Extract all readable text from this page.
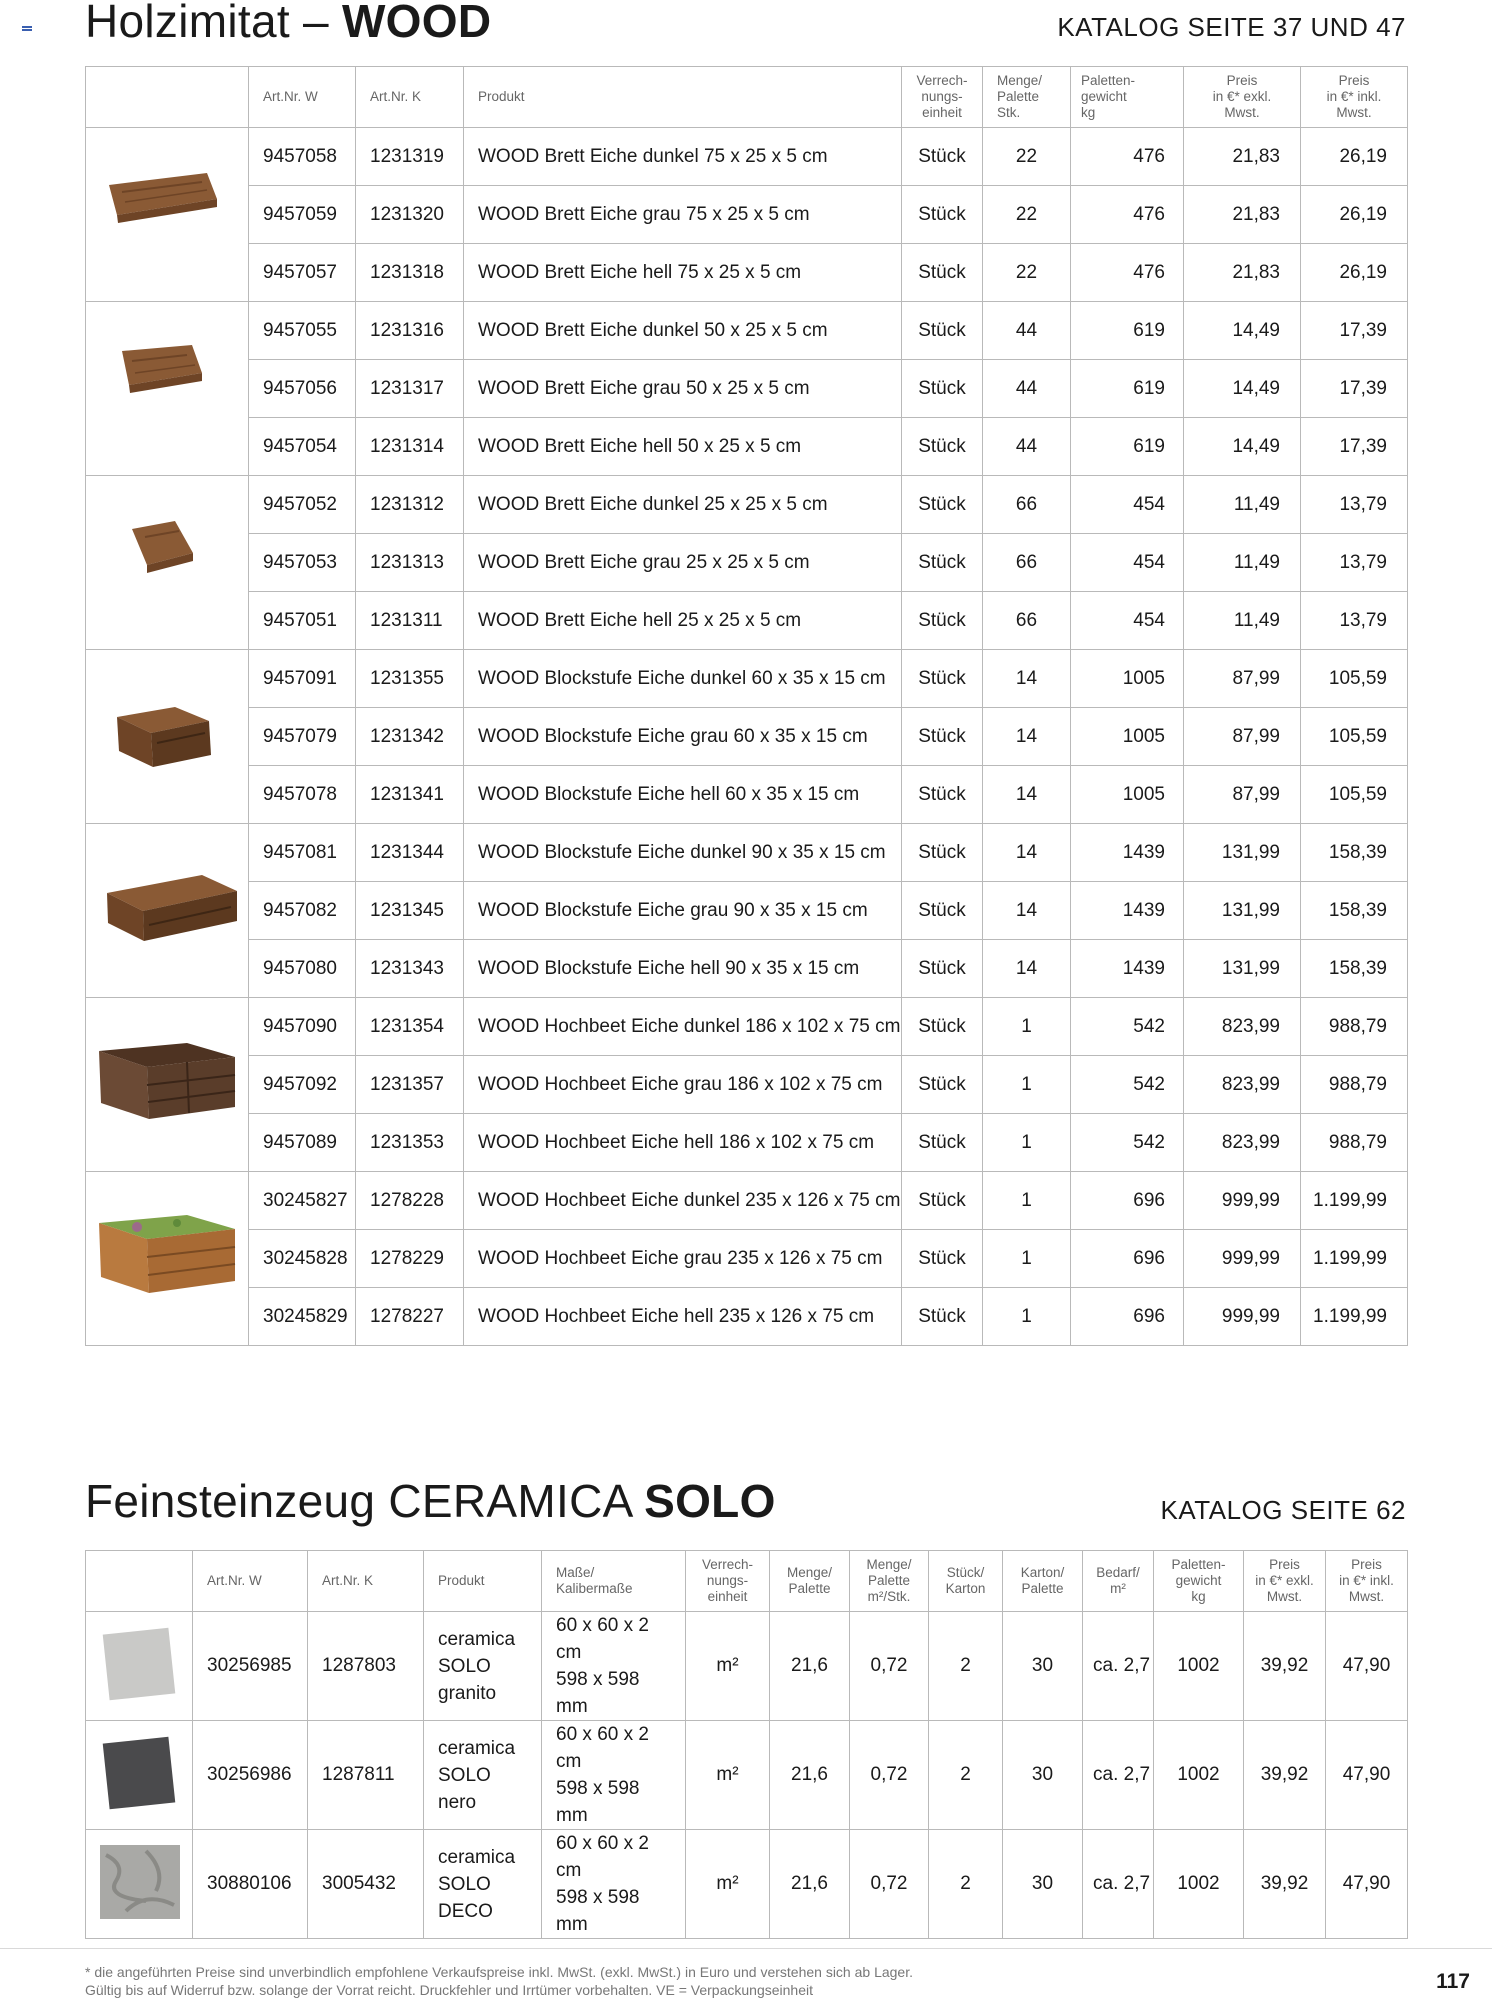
Holzimitat – WOOD	KATALOG SEITE 37 UND 47
	Art.Nr. W	Art.Nr. K	Produkt	Verrech-
nungs-
einheit	Menge/
Palette
Stk.	Paletten-
gewicht
kg	Preis
in €* exkl.
Mwst.	Preis
in €* inkl.
Mwst.
	9457058	1231319	WOOD Brett Eiche dunkel 75 x 25 x 5 cm	Stück	22	476	21,83	26,19
	9457059	1231320	WOOD Brett Eiche grau 75 x 25 x 5 cm	Stück	22	476	21,83	26,19
	9457057	1231318	WOOD Brett Eiche hell 75 x 25 x 5 cm	Stück	22	476	21,83	26,19
	9457055	1231316	WOOD Brett Eiche dunkel 50 x 25 x 5 cm	Stück	44	619	14,49	17,39
	9457056	1231317	WOOD Brett Eiche grau 50 x 25 x 5 cm	Stück	44	619	14,49	17,39
	9457054	1231314	WOOD Brett Eiche hell 50 x 25 x 5 cm	Stück	44	619	14,49	17,39
	9457052	1231312	WOOD Brett Eiche dunkel 25 x 25 x 5 cm	Stück	66	454	11,49	13,79
	9457053	1231313	WOOD Brett Eiche grau 25 x 25 x 5 cm	Stück	66	454	11,49	13,79
	9457051	1231311	WOOD Brett Eiche hell 25 x 25 x 5 cm	Stück	66	454	11,49	13,79
	9457091	1231355	WOOD Blockstufe Eiche dunkel 60 x 35 x 15 cm	Stück	14	1005	87,99	105,59
	9457079	1231342	WOOD Blockstufe Eiche grau 60 x 35 x 15 cm	Stück	14	1005	87,99	105,59
	9457078	1231341	WOOD Blockstufe Eiche hell 60 x 35 x 15 cm	Stück	14	1005	87,99	105,59
	9457081	1231344	WOOD Blockstufe Eiche dunkel 90 x 35 x 15 cm	Stück	14	1439	131,99	158,39
	9457082	1231345	WOOD Blockstufe Eiche grau 90 x 35 x 15 cm	Stück	14	1439	131,99	158,39
	9457080	1231343	WOOD Blockstufe Eiche hell 90 x 35 x 15 cm	Stück	14	1439	131,99	158,39
	9457090	1231354	WOOD Hochbeet Eiche dunkel 186 x 102 x 75 cm	Stück	1	542	823,99	988,79
	9457092	1231357	WOOD Hochbeet Eiche grau 186 x 102 x 75 cm	Stück	1	542	823,99	988,79
	9457089	1231353	WOOD Hochbeet Eiche hell 186 x 102 x 75 cm	Stück	1	542	823,99	988,79
	30245827	1278228	WOOD Hochbeet Eiche dunkel 235 x 126 x 75 cm	Stück	1	696	999,99	1.199,99
	30245828	1278229	WOOD Hochbeet Eiche grau 235 x 126 x 75 cm	Stück	1	696	999,99	1.199,99
	30245829	1278227	WOOD Hochbeet Eiche hell 235 x 126 x 75 cm	Stück	1	696	999,99	1.199,99
Feinsteinzeug CERAMICA SOLO	KATALOG SEITE 62
	Art.Nr. W	Art.Nr. K	Produkt	Maße/
Kalibermaße	Verrech-
nungs-
einheit	Menge/
Palette	Menge/
Palette
m²/Stk.	Stück/
Karton	Karton/
Palette	Bedarf/
m²	Paletten-
gewicht
kg	Preis
in €* exkl.
Mwst.	Preis
in €* inkl.
Mwst.
	30256985	1287803	ceramica
SOLO
granito	60 x 60 x 2 cm
598 x 598 mm	m²	21,6	0,72	2	30	ca. 2,7	1002	39,92	47,90
	30256986	1287811	ceramica
SOLO
nero	60 x 60 x 2 cm
598 x 598 mm	m²	21,6	0,72	2	30	ca. 2,7	1002	39,92	47,90
	30880106	3005432	ceramica
SOLO
DECO	60 x 60 x 2 cm
598 x 598 mm	m²	21,6	0,72	2	30	ca. 2,7	1002	39,92	47,90
* die angeführten Preise sind unverbindlich empfohlene Verkaufspreise inkl. MwSt. (exkl. MwSt.) in Euro und verstehen sich ab Lager.
Gültig bis auf Widerruf bzw. solange der Vorrat reicht. Druckfehler und Irrtümer vorbehalten. VE = Verpackungseinheit	117
